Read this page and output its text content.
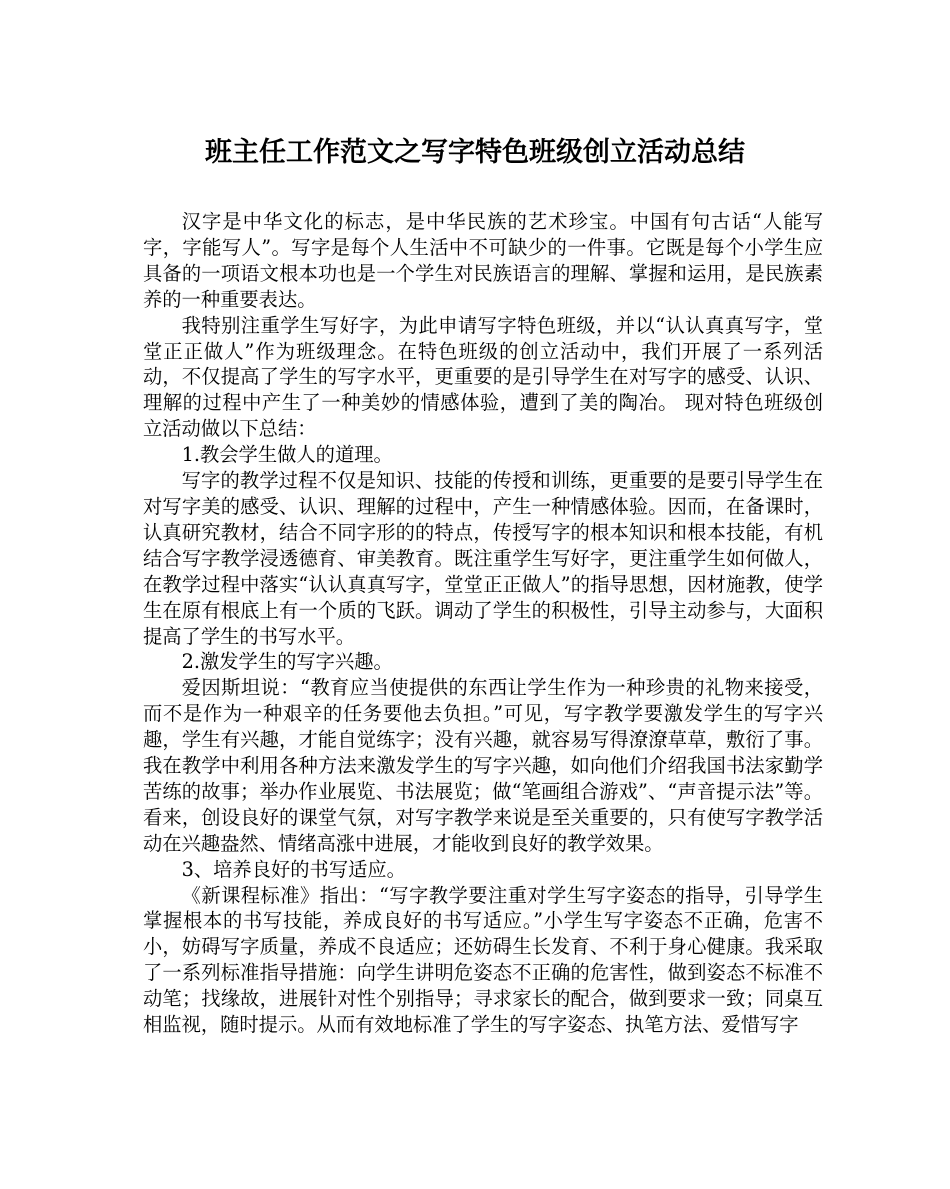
班主任工作范文之写字特色班级创立活动总结

汉字是中华文化的标志，是中华民族的艺术珍宝。中国有句古话“人能写字，字能写人”。写字是每个人生活中不可缺少的一件事。它既是每个小学生应具备的一项语文根本功也是一个学生对民族语言的理解、掌握和运用，是民族素养的一种重要表达。

我特别注重学生写好字，为此申请写字特色班级，并以“认认真真写字，堂堂正正做人”作为班级理念。在特色班级的创立活动中，我们开展了一系列活动，不仅提高了学生的写字水平，更重要的是引导学生在对写字的感受、认识、理解的过程中产生了一种美妙的情感体验，遭到了美的陶冶。 现对特色班级创立活动做以下总结：

1.教会学生做人的道理。

写字的教学过程不仅是知识、技能的传授和训练，更重要的是要引导学生在对写字美的感受、认识、理解的过程中，产生一种情感体验。因而，在备课时，认真研究教材，结合不同字形的的特点，传授写字的根本知识和根本技能，有机结合写字教学浸透德育、审美教育。既注重学生写好字，更注重学生如何做人，在教学过程中落实“认认真真写字，堂堂正正做人”的指导思想，因材施教，使学生在原有根底上有一个质的飞跃。调动了学生的积极性，引导主动参与，大面积提高了学生的书写水平。

2.激发学生的写字兴趣。

爱因斯坦说：“教育应当使提供的东西让学生作为一种珍贵的礼物来接受，而不是作为一种艰辛的任务要他去负担。”可见，写字教学要激发学生的写字兴趣，学生有兴趣，才能自觉练字；没有兴趣，就容易写得潦潦草草，敷衍了事。我在教学中利用各种方法来激发学生的写字兴趣，如向他们介绍我国书法家勤学苦练的故事；举办作业展览、书法展览；做“笔画组合游戏”、“声音提示法”等。看来，创设良好的课堂气氛，对写字教学来说是至关重要的，只有使写字教学活动在兴趣盎然、情绪高涨中进展，才能收到良好的教学效果。

3、培养良好的书写适应。

《新课程标准》指出：“写字教学要注重对学生写字姿态的指导，引导学生掌握根本的书写技能，养成良好的书写适应。”小学生写字姿态不正确，危害不小，妨碍写字质量，养成不良适应；还妨碍生长发育、不利于身心健康。我采取了一系列标准指导措施：向学生讲明危姿态不正确的危害性，做到姿态不标准不动笔；找缘故，进展针对性个别指导；寻求家长的配合，做到要求一致；同桌互相监视，随时提示。从而有效地标准了学生的写字姿态、执笔方法、爱惜写字
